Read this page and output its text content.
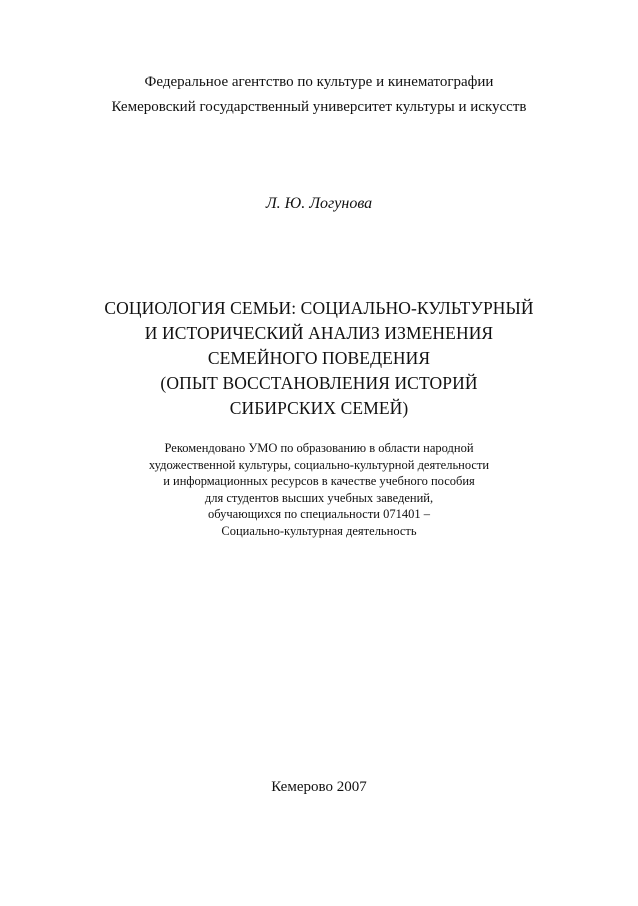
Федеральное агентство по культуре и кинематографии
Кемеровский государственный университет культуры и искусств
Л. Ю. Логунова
СОЦИОЛОГИЯ СЕМЬИ: СОЦИАЛЬНО-КУЛЬТУРНЫЙ
И ИСТОРИЧЕСКИЙ АНАЛИЗ ИЗМЕНЕНИЯ
СЕМЕЙНОГО ПОВЕДЕНИЯ
(ОПЫТ ВОССТАНОВЛЕНИЯ ИСТОРИЙ
СИБИРСКИХ СЕМЕЙ)
Рекомендовано УМО по образованию в области народной
художественной культуры, социально-культурной деятельности
и информационных ресурсов в качестве учебного пособия
для студентов высших учебных заведений,
обучающихся по специальности 071401 –
Социально-культурная деятельность
Кемерово 2007
